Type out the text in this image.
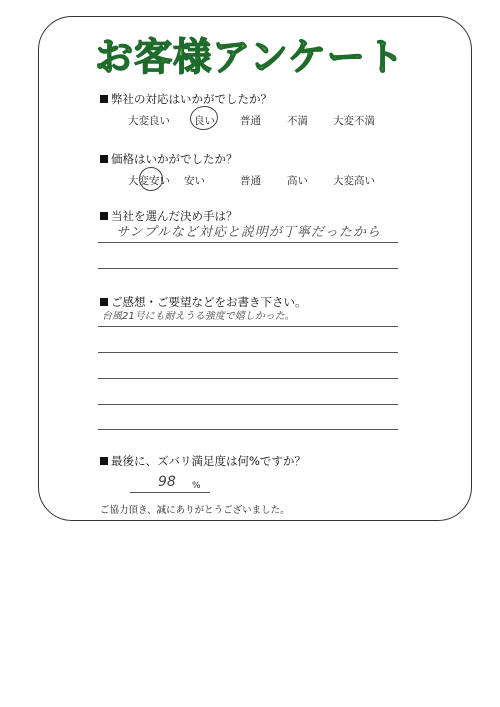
お客様アンケート
弊社の対応はいかがでしたか？
大変良い 良い 普通 不満 大変不満
価格はいかがでしたか？
大変安い 安い	普通 高い 大変高い
当社を選んだ決め手は？
サンプルなど対応と説明が丁寧だったから
ご感想・ご要望などをお書き下さい。
台風21号にも耐えうる強度で嬉しかった。
最後に、ズバリ満足度は何%ですか？
98 %
ご協力頂き、誠にありがとうございました。
